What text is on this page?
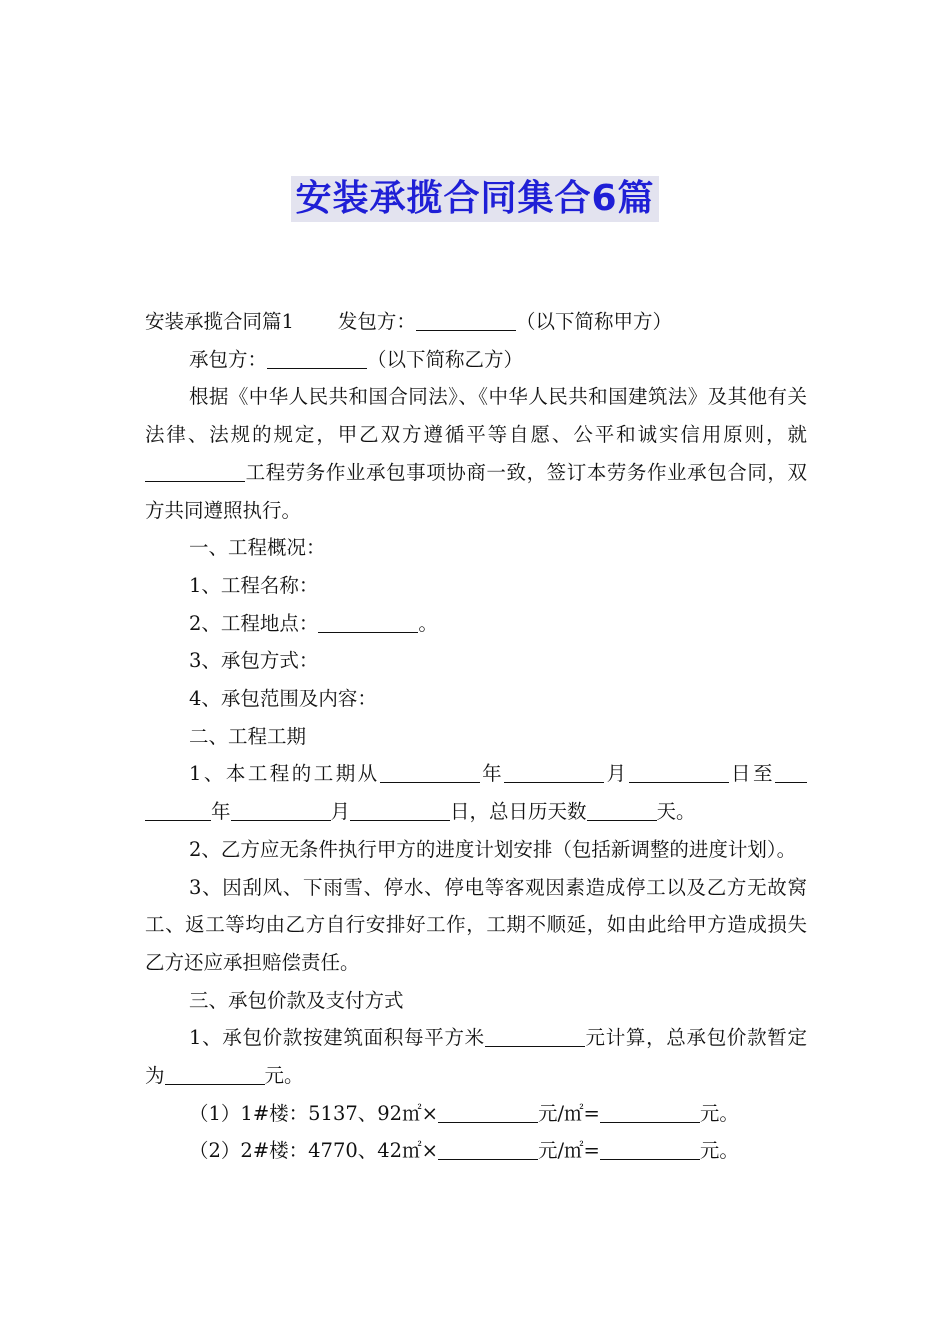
安装承揽合同集合6篇

安装承揽合同篇1 发包方：	（以下简称甲方）

承包方：	（以下简称乙方）

根据《中华人民共和国合同法》、《中华人民共和国建筑法》及其他有关法律、法规的规定，甲乙双方遵循平等自愿、公平和诚实信用原则，就工程劳务作业承包事项协商一致，签订本劳务作业承包合同，双方共同遵照执行。

一、工程概况：

1、工程名称：

2、工程地点：	。

3、承包方式：

4、承包范围及内容：

二、工程工期

1、本工程的工期从	年	月	日至年	月	日，总日历天数	天。

2、乙方应无条件执行甲方的进度计划安排（包括新调整的进度计划）。

3、因刮风、下雨雪、停水、停电等客观因素造成停工以及乙方无故窝工、返工等均由乙方自行安排好工作，工期不顺延，如由此给甲方造成损失乙方还应承担赔偿责任。

三、承包价款及支付方式

1、承包价款按建筑面积每平方米	元计算，总承包价款暂定为	元。

（1）1#楼：5137、92㎡×	元/㎡=	元。

（2）2#楼：4770、42㎡×	元/㎡=	元。
